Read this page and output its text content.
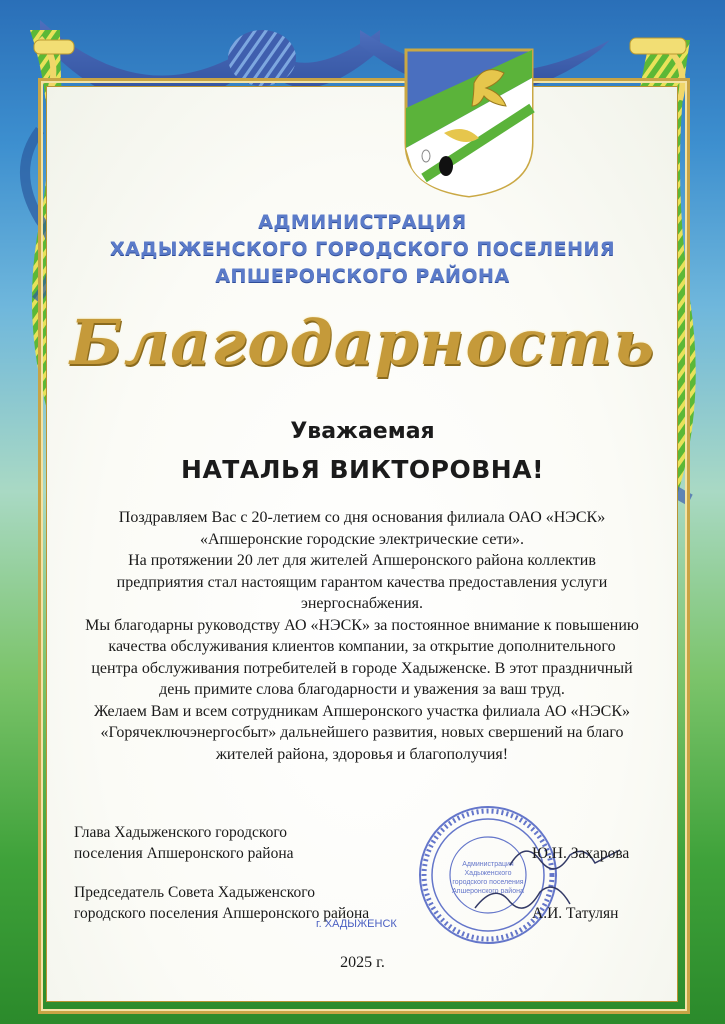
АДМИНИСТРАЦИЯ
ХАДЫЖЕНСКОГО ГОРОДСКОГО ПОСЕЛЕНИЯ
АПШЕРОНСКОГО РАЙОНА
Благодарность
Уважаемая
НАТАЛЬЯ ВИКТОРОВНА!

Поздравляем Вас с 20-летием со дня основания филиала ОАО «НЭСК» «Апшеронские городские электрические сети».

На протяжении 20 лет для жителей Апшеронского района коллектив предприятия стал настоящим гарантом качества предоставления услуги энергоснабжения.

Мы благодарны руководству АО «НЭСК» за постоянное внимание к повышению качества обслуживания клиентов компании, за открытие дополнительного центра обслуживания потребителей в городе Хадыженске. В этот праздничный день примите слова благодарности и уважения за ваш труд.

Желаем Вам и всем сотрудникам Апшеронского участка филиала АО «НЭСК» «Горячеключэнергосбыт» дальнейшего развития, новых свершений на благо жителей района, здоровья и благополучия!

Администрация
Хадыженского
городского поселения
Апшеронского района
Глава Хадыженского городского
поселения Апшеронского района	Ю.Н. Захарова
Председатель Совета Хадыженского
городского поселения Апшеронского района	А.И. Татулян
г. ХАДЫЖЕНСК
2025 г.
